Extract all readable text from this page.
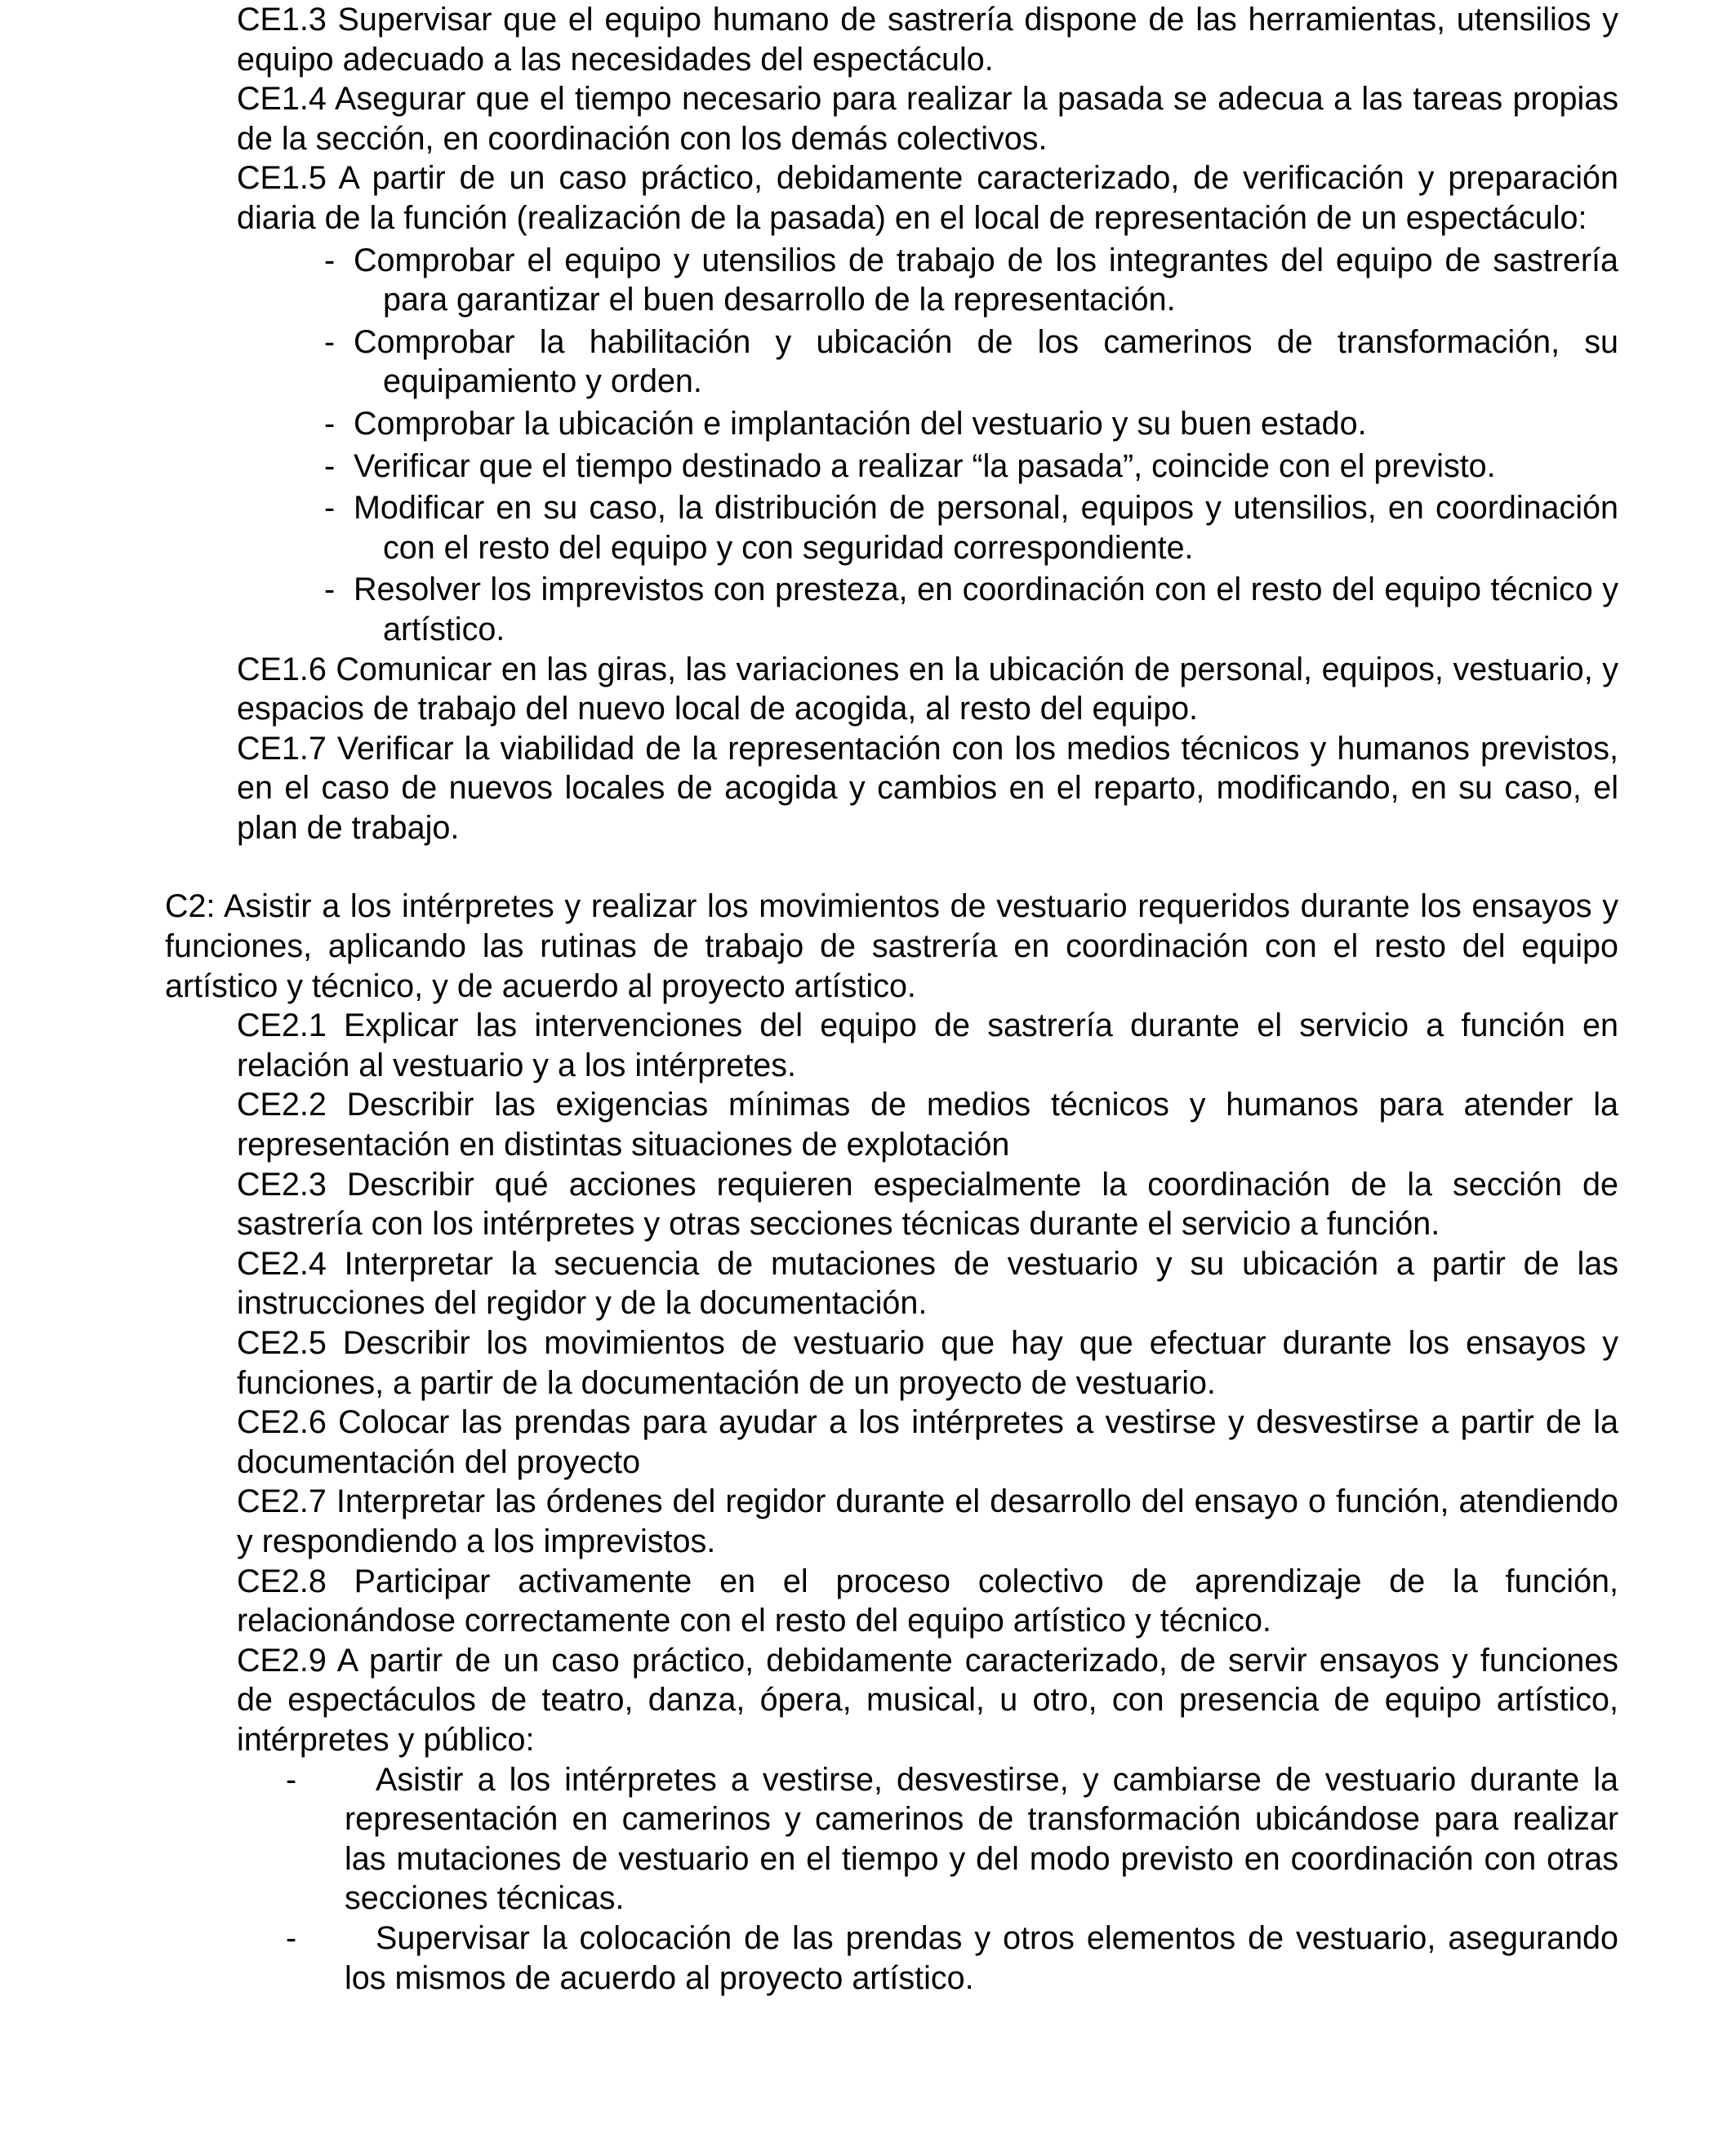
CE1.3 Supervisar que el equipo humano de sastrería dispone de las herramientas, utensilios y equipo adecuado a las necesidades del espectáculo.
CE1.4 Asegurar que el tiempo necesario para realizar la pasada se adecua a las tareas propias de la sección, en coordinación con los demás colectivos.
CE1.5 A partir de un caso práctico, debidamente caracterizado, de verificación y preparación diaria de la función (realización de la pasada) en el local de representación de un espectáculo:
- Comprobar el equipo y utensilios de trabajo de los integrantes del equipo de sastrería para garantizar el buen desarrollo de la representación.
- Comprobar la habilitación y ubicación de los camerinos de transformación, su equipamiento y orden.
- Comprobar la ubicación e implantación del vestuario y su buen estado.
- Verificar que el tiempo destinado a realizar “la pasada”, coincide con el previsto.
- Modificar en su caso, la distribución de personal, equipos y utensilios, en coordinación con el resto del equipo y con seguridad correspondiente.
- Resolver los imprevistos con presteza, en coordinación con el resto del equipo técnico y artístico.
CE1.6 Comunicar en las giras, las variaciones en la ubicación de personal, equipos, vestuario, y espacios de trabajo del nuevo local de acogida, al resto del equipo.
CE1.7 Verificar la viabilidad de la representación con los medios técnicos y humanos previstos, en el caso de nuevos locales de acogida y cambios en el reparto, modificando, en su caso, el plan de trabajo.
C2: Asistir a los intérpretes y realizar los movimientos de vestuario requeridos durante los ensayos y funciones, aplicando las rutinas de trabajo de sastrería en coordinación con el resto del equipo artístico y técnico, y de acuerdo al proyecto artístico.
CE2.1 Explicar las intervenciones del equipo de sastrería durante el servicio a función en relación al vestuario y a los intérpretes.
CE2.2 Describir las exigencias mínimas de medios técnicos y humanos para atender la representación en distintas situaciones de explotación
CE2.3 Describir qué acciones requieren especialmente la coordinación de la sección de sastrería con los intérpretes y otras secciones técnicas durante el servicio a función.
CE2.4 Interpretar la secuencia de mutaciones de vestuario y su ubicación a partir de las instrucciones del regidor y de la documentación.
CE2.5 Describir los movimientos de vestuario que hay que efectuar durante los ensayos y funciones, a partir de la documentación de un proyecto de vestuario.
CE2.6 Colocar las prendas para ayudar a los intérpretes a vestirse y desvestirse a partir de la documentación del proyecto
CE2.7 Interpretar las órdenes del regidor durante el desarrollo del ensayo o función, atendiendo y respondiendo a los imprevistos.
CE2.8 Participar activamente en el proceso colectivo de aprendizaje de la función, relacionándose correctamente con el resto del equipo artístico y técnico.
CE2.9 A partir de un caso práctico, debidamente caracterizado, de servir ensayos y funciones de espectáculos de teatro, danza, ópera, musical, u otro, con presencia de equipo artístico, intérpretes y público:
- Asistir a los intérpretes a vestirse, desvestirse, y cambiarse de vestuario durante la representación en camerinos y camerinos de transformación ubicándose para realizar las mutaciones de vestuario en el tiempo y del modo previsto en coordinación con otras secciones técnicas.
- Supervisar la colocación de las prendas y otros elementos de vestuario, asegurando los mismos de acuerdo al proyecto artístico.
